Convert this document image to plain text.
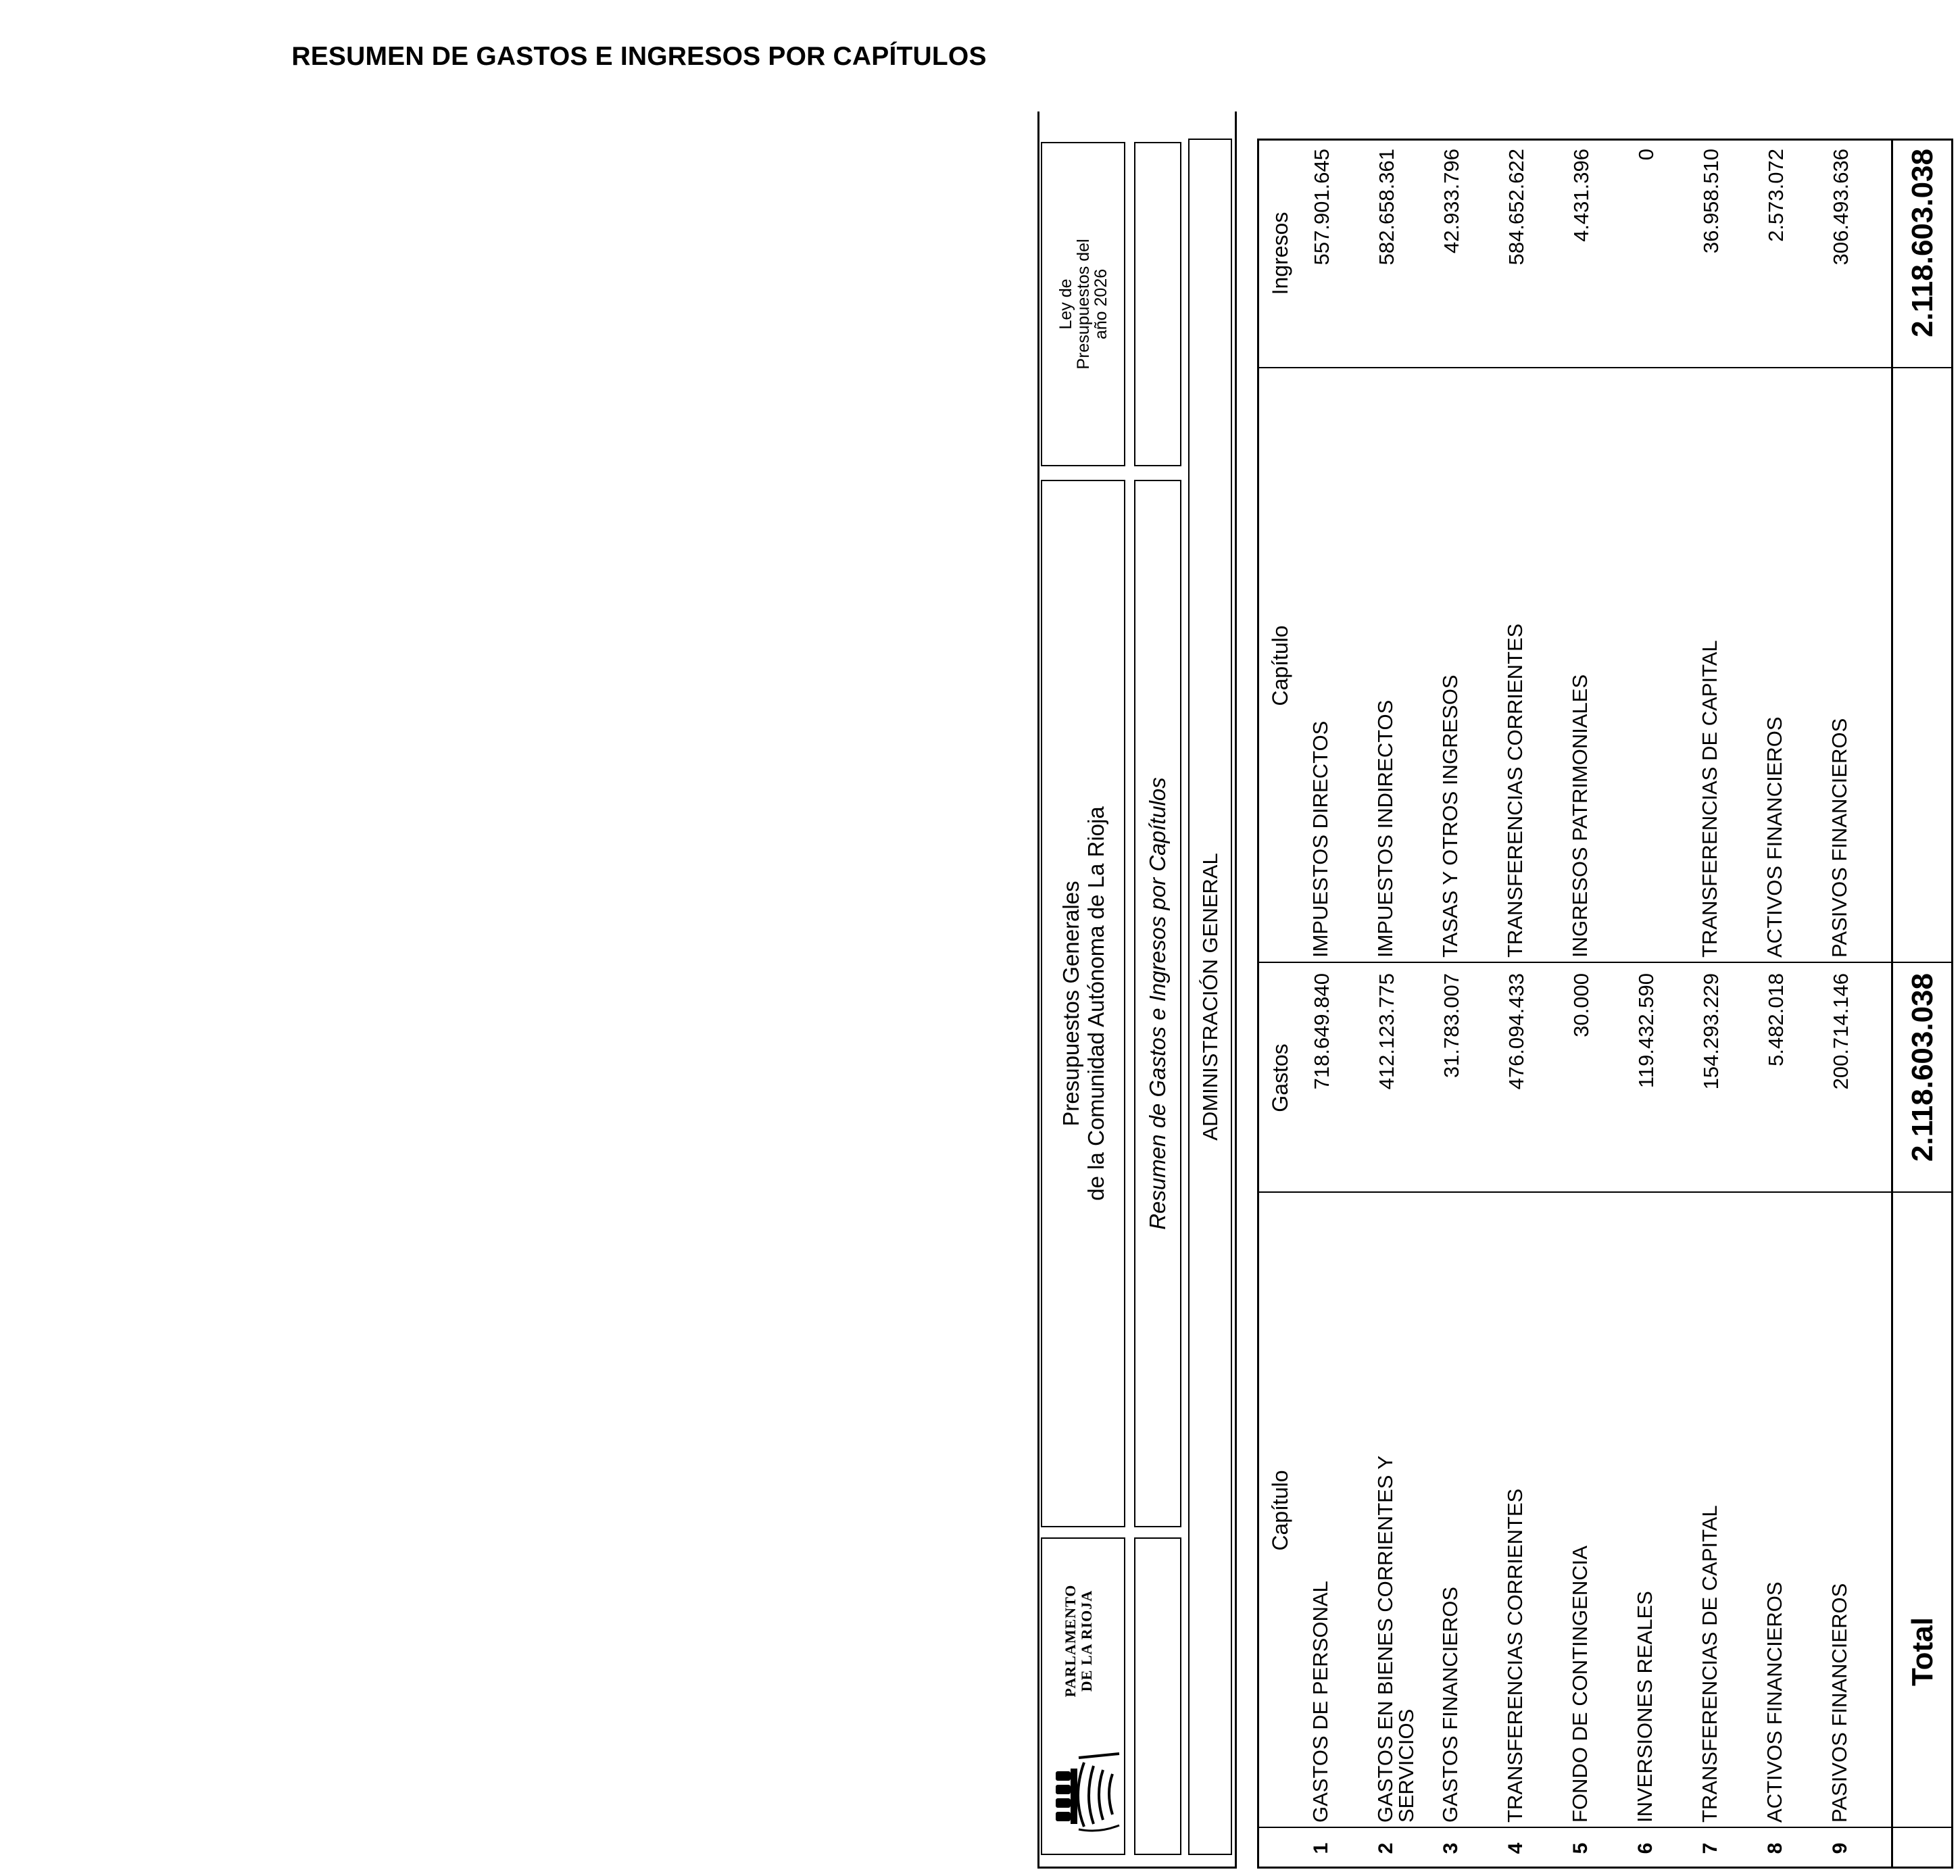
RESUMEN DE GASTOS E INGRESOS POR CAPÍTULOS
PARLAMENTO DE LA RIOJA
Presupuestos Generales de la Comunidad Autónoma de La Rioja
Ley de
Presupuestos del
año 2026
Resumen de Gastos e Ingresos por Capítulos	ADMINISTRACIÓN GENERAL
Capítulo
Gastos
Capítulo
Ingresos
1
GASTOS DE PERSONAL
718.649.840
IMPUESTOS DIRECTOS
557.901.645
2
GASTOS EN BIENES CORRIENTES Y SERVICIOS
412.123.775
IMPUESTOS INDIRECTOS
582.658.361
3
GASTOS FINANCIEROS
31.783.007
TASAS Y OTROS INGRESOS
42.933.796
4
TRANSFERENCIAS CORRIENTES
476.094.433
TRANSFERENCIAS CORRIENTES
584.652.622
5
FONDO DE CONTINGENCIA
30.000
INGRESOS PATRIMONIALES
4.431.396
6
INVERSIONES REALES
119.432.590
0
7
TRANSFERENCIAS DE CAPITAL
154.293.229
TRANSFERENCIAS DE CAPITAL
36.958.510
8
ACTIVOS FINANCIEROS
5.482.018
ACTIVOS FINANCIEROS
2.573.072
9
PASIVOS FINANCIEROS
200.714.146
PASIVOS FINANCIEROS
306.493.636
Total
2.118.603.038
2.118.603.038
